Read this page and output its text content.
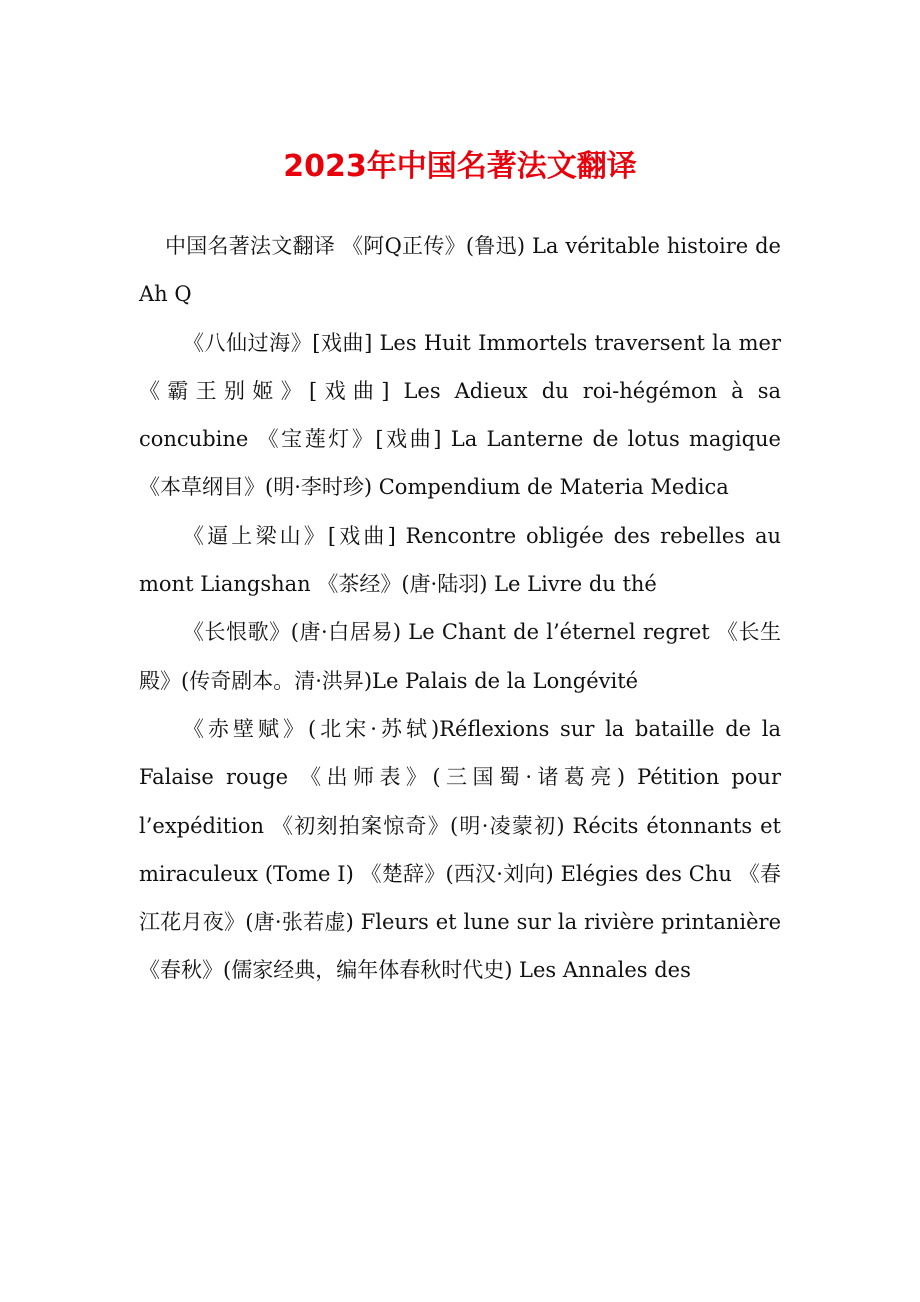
2023年中国名著法文翻译

中国名著法文翻译 《阿Q正传》(鲁迅) La véritable histoire de Ah Q

《八仙过海》[戏曲] Les Huit Immortels traversent la mer 《霸王别姬》[戏曲] Les Adieux du roi-hégémon à sa concubine 《宝莲灯》[戏曲] La Lanterne de lotus magique 《本草纲目》(明·李时珍) Compendium de Materia Medica

《逼上梁山》[戏曲] Rencontre obligée des rebelles au mont Liangshan 《茶经》(唐·陆羽) Le Livre du thé

《长恨歌》(唐·白居易) Le Chant de l’éternel regret 《长生殿》(传奇剧本。清·洪昇)Le Palais de la Longévité

《赤壁赋》(北宋·苏轼)Réflexions sur la bataille de la Falaise rouge 《出师表》(三国蜀·诸葛亮) Pétition pour l’expédition 《初刻拍案惊奇》(明·凌蒙初) Récits étonnants et miraculeux (Tome I) 《楚辞》(西汉·刘向) Elégies des Chu 《春江花月夜》(唐·张若虚) Fleurs et lune sur la rivière printanière 《春秋》(儒家经典，编年体春秋时代史) Les Annales des
